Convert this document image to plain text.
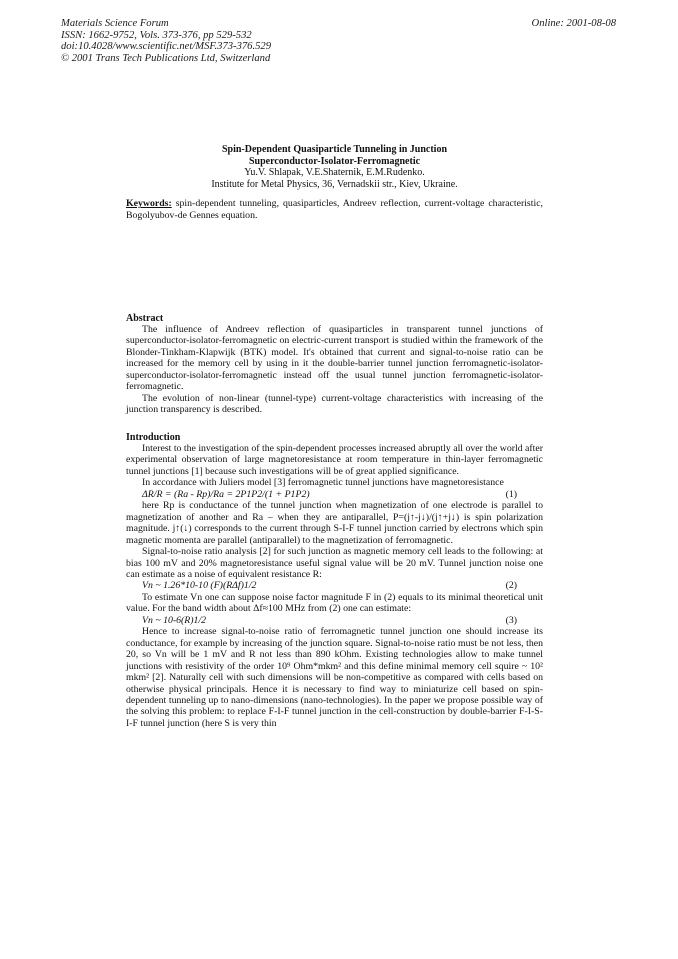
Materials Science Forum
ISSN: 1662-9752, Vols. 373-376, pp 529-532
doi:10.4028/www.scientific.net/MSF.373-376.529
© 2001 Trans Tech Publications Ltd, Switzerland
Online: 2001-08-08
Spin-Dependent Quasiparticle Tunneling in Junction
Superconductor-Isolator-Ferromagnetic
Yu.V. Shlapak, V.E.Shaternik, E.M.Rudenko.
Institute for Metal Physics, 36, Vernadskii str., Kiev, Ukraine.

Keywords: spin-dependent tunneling, quasiparticles, Andreev reflection, current-voltage characteristic, Bogolyubov-de Gennes equation.

Abstract

The influence of Andreev reflection of quasiparticles in transparent tunnel junctions of superconductor-isolator-ferromagnetic on electric-current transport is studied within the framework of the Blonder-Tinkham-Klapwijk (BTK) model. It's obtained that current and signal-to-noise ratio can be increased for the memory cell by using in it the double-barrier tunnel junction ferromagnetic-isolator-superconductor-isolator-ferromagnetic instead off the usual tunnel junction ferromagnetic-isolator-ferromagnetic.

The evolution of non-linear (tunnel-type) current-voltage characteristics with increasing of the junction transparency is described.

Introduction

Interest to the investigation of the spin-dependent processes increased abruptly all over the world after experimental observation of large magnetoresistance at room temperature in thin-layer ferromagnetic tunnel junctions [1] because such investigations will be of great applied significance.

In accordance with Juliers model [3] ferromagnetic tunnel junctions have magnetoresistance

ΔR/R = (Ra - Rp)/Ra = 2P1P2/(1 + P1P2)	(1)

here Rp is conductance of the tunnel junction when magnetization of one electrode is parallel to magnetization of another and Ra – when they are antiparallel, P=(j↑-j↓)/(j↑+j↓) is spin polarization magnitude. j↑(↓) corresponds to the current through S-I-F tunnel junction carried by electrons which spin magnetic momenta are parallel (antiparallel) to the magnetization of ferromagnetic.

Signal-to-noise ratio analysis [2] for such junction as magnetic memory cell leads to the following: at bias 100 mV and 20% magnetoresistance useful signal value will be 20 mV. Tunnel junction noise one can estimate as a noise of equivalent resistance R:

Vn ~ 1.26*10-10 (F)(RΔf)1/2	(2)

To estimate Vn one can suppose noise factor magnitude F in (2) equals to its minimal theoretical unit value. For the band width about Δf≈100 MHz from (2) one can estimate:

Vn ~ 10-6(R)1/2	(3)

Hence to increase signal-to-noise ratio of ferromagnetic tunnel junction one should increase its conductance, for example by increasing of the junction square. Signal-to-noise ratio must be not less, then 20, so Vn will be 1 mV and R not less than 890 kOhm. Existing technologies allow to make tunnel junctions with resistivity of the order 10⁹ Ohm*mkm² and this define minimal memory cell squire ~ 10² mkm² [2]. Naturally cell with such dimensions will be non-competitive as compared with cells based on otherwise physical principals. Hence it is necessary to find way to miniaturize cell based on spin-dependent tunneling up to nano-dimensions (nano-technologies). In the paper we propose possible way of the solving this problem: to replace F-I-F tunnel junction in the cell-construction by double-barrier F-I-S-I-F tunnel junction (here S is very thin
